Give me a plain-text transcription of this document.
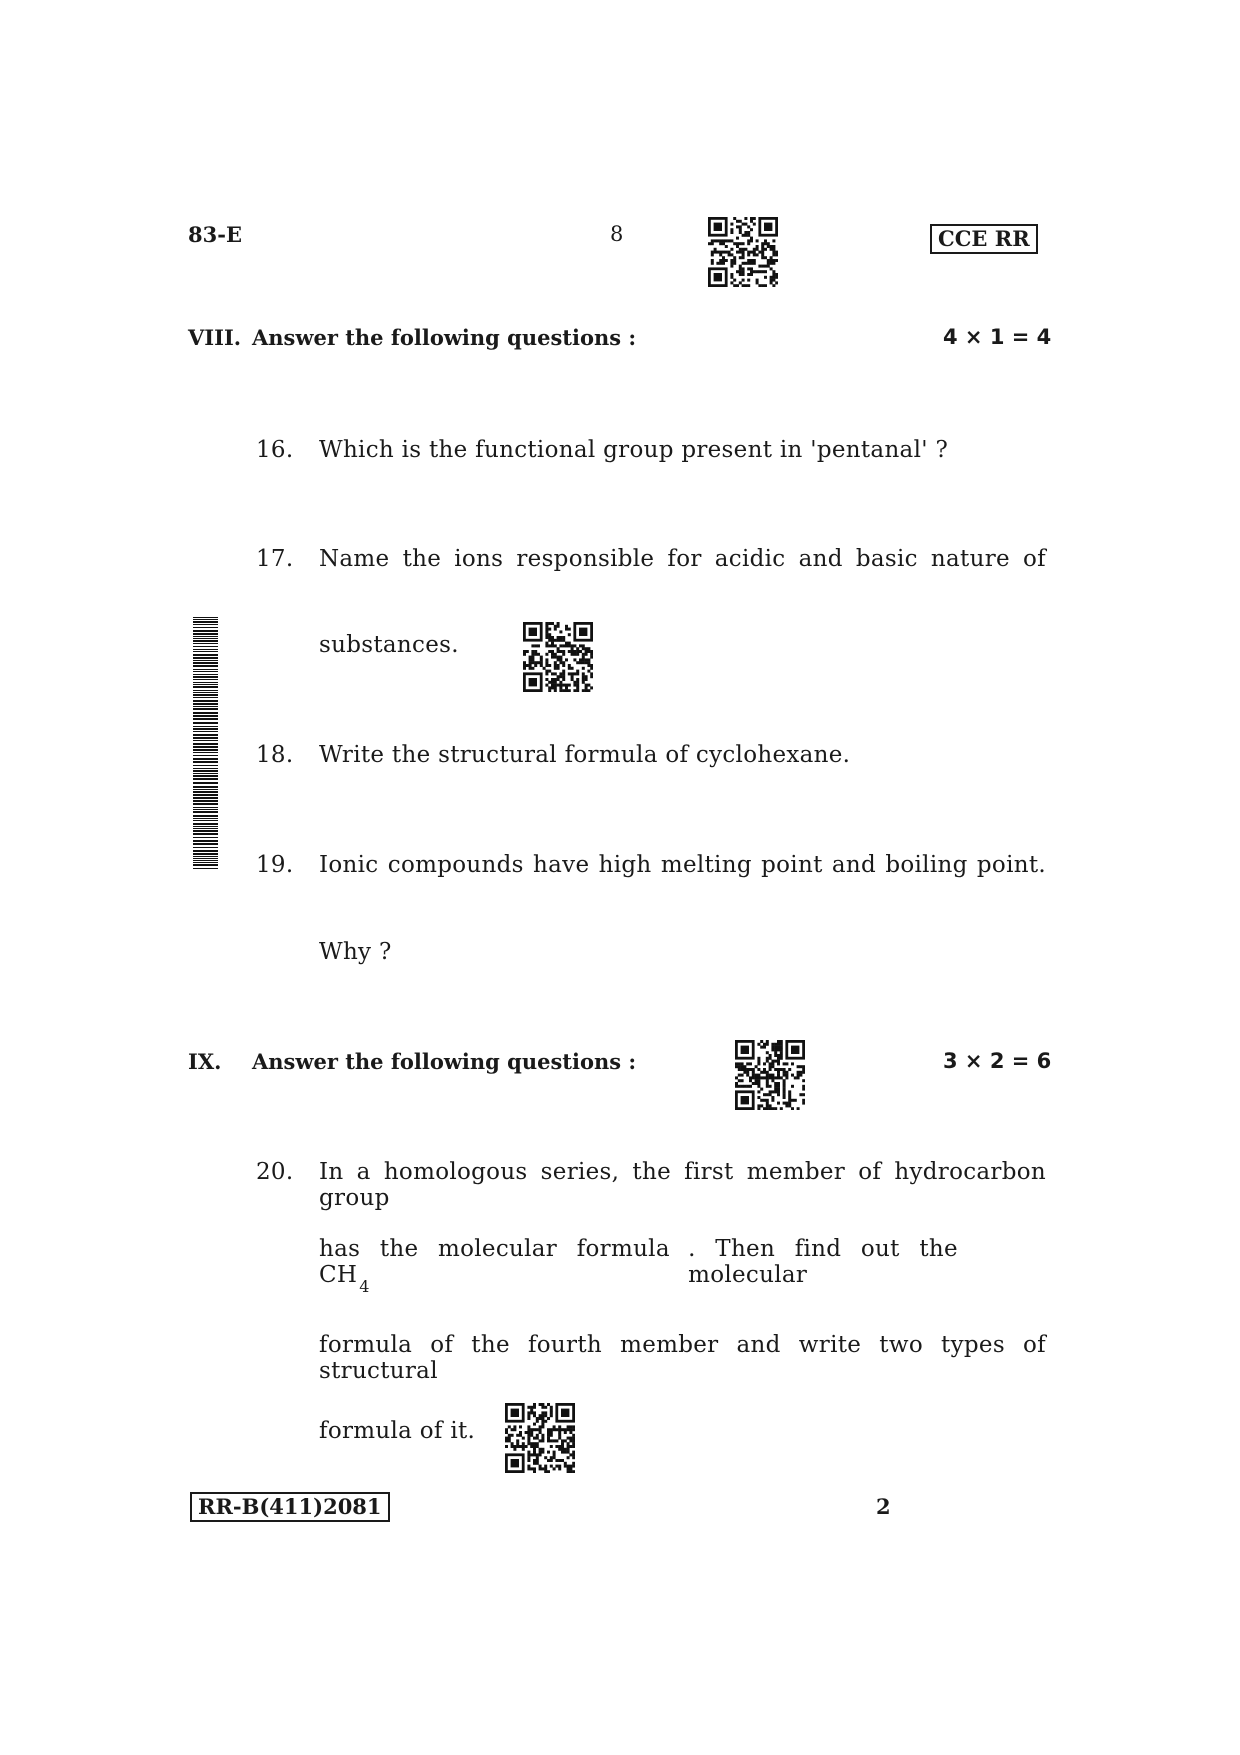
83-E	8	CCE RR
VIII. Answer the following questions :	4 × 1 = 4
16. Which is the functional group present in 'pentanal' ?
17. Name the ions responsible for acidic and basic nature of
substances.
18. Write the structural formula of cyclohexane.
19. Ionic compounds have high melting point and boiling point.
Why ?
IX. Answer the following questions :	3 × 2 = 6
20. In a homologous series, the first member of hydrocarbon group
has the molecular formula CH $_4$
. Then find out the molecular
formula of the fourth member and write two types of structural
formula of it.
RR-B(411)2081	2
